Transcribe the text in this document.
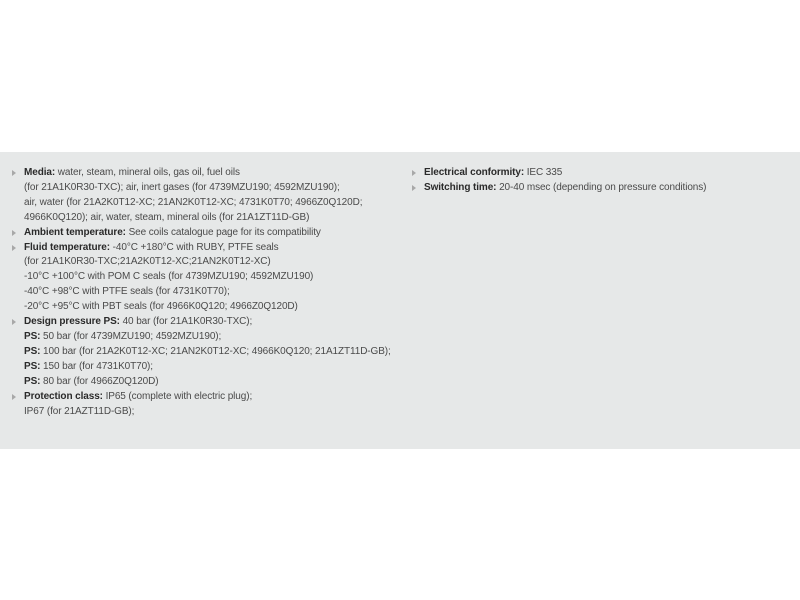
Media: water, steam, mineral oils, gas oil, fuel oils
(for 21A1K0R30-TXC); air, inert gases (for 4739MZU190; 4592MZU190);
air, water (for 21A2K0T12-XC; 21AN2K0T12-XC; 4731K0T70; 4966Z0Q120D;
4966K0Q120); air, water, steam, mineral oils (for 21A1ZT11D-GB)
Ambient temperature: See coils catalogue page for its compatibility
Fluid temperature: -40°C +180°C with RUBY, PTFE seals
(for 21A1K0R30-TXC;21A2K0T12-XC;21AN2K0T12-XC)
-10°C +100°C with POM C seals (for 4739MZU190; 4592MZU190)
-40°C +98°C with PTFE seals (for 4731K0T70);
-20°C +95°C with PBT seals (for 4966K0Q120; 4966Z0Q120D)
Design pressure PS: 40 bar (for 21A1K0R30-TXC);
PS: 50 bar (for 4739MZU190; 4592MZU190);
PS: 100 bar (for 21A2K0T12-XC; 21AN2K0T12-XC; 4966K0Q120; 21A1ZT11D-GB);
PS: 150 bar (for 4731K0T70);
PS: 80 bar (for 4966Z0Q120D)
Protection class: IP65 (complete with electric plug);
IP67 (for 21AZT11D-GB);
Electrical conformity: IEC 335
Switching time: 20-40 msec (depending on pressure conditions)
